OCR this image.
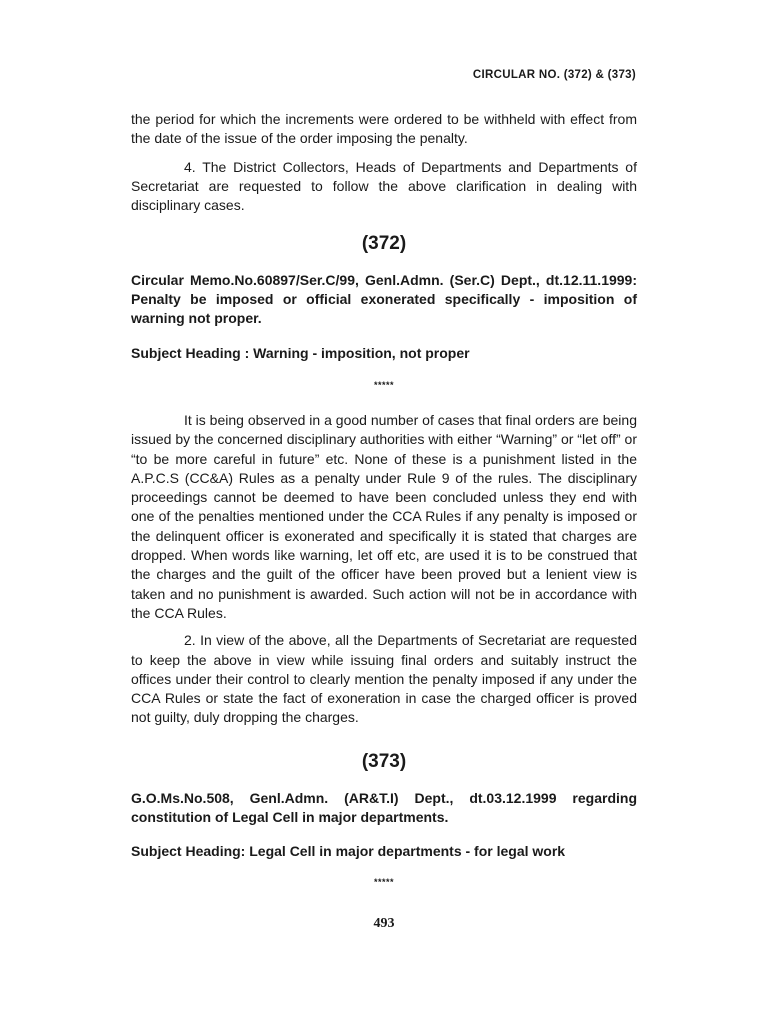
CIRCULAR NO. (372) & (373)

the period for which the increments were ordered to be withheld with effect from the date of the issue of the order imposing the penalty.

4. The District Collectors, Heads of Departments and Departments of Secretariat are requested to follow the above clarification in dealing with disciplinary cases.

(372)
Circular Memo.No.60897/Ser.C/99, Genl.Admn. (Ser.C) Dept., dt.12.11.1999: Penalty be imposed or official exonerated specifically - imposition of warning not proper.
Subject Heading : Warning - imposition, not proper
*****

It is being observed in a good number of cases that final orders are being issued by the concerned disciplinary authorities with either “Warning” or “let off” or “to be more careful in future” etc. None of these is a punishment listed in the A.P.C.S (CC&A) Rules as a penalty under Rule 9 of the rules. The disciplinary proceedings cannot be deemed to have been concluded unless they end with one of the penalties mentioned under the CCA Rules if any penalty is imposed or the delinquent officer is exonerated and specifically it is stated that charges are dropped. When words like warning, let off etc, are used it is to be construed that the charges and the guilt of the officer have been proved but a lenient view is taken and no punishment is awarded. Such action will not be in accordance with the CCA Rules.

2. In view of the above, all the Departments of Secretariat are requested to keep the above in view while issuing final orders and suitably instruct the offices under their control to clearly mention the penalty imposed if any under the CCA Rules or state the fact of exoneration in case the charged officer is proved not guilty, duly dropping the charges.

(373)
G.O.Ms.No.508, Genl.Admn. (AR&T.I) Dept., dt.03.12.1999 regarding constitution of Legal Cell in major departments.
Subject Heading: Legal Cell in major departments - for legal work
*****
493
